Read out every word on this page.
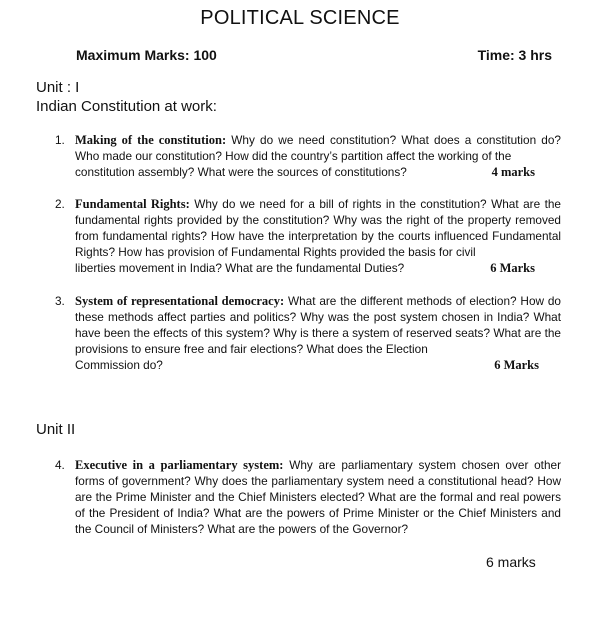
POLITICAL SCIENCE
Maximum Marks: 100	Time: 3 hrs
Unit : I
Indian Constitution at work:
1. Making of the constitution: Why do we need constitution? What does a constitution do? Who made our constitution? How did the country’s partition affect the working of the
constitution assembly? What were the sources of constitutions?	4 marks
2. Fundamental Rights: Why do we need for a bill of rights in the constitution? What are the fundamental rights provided by the constitution? Why was the right of the property removed from fundamental rights? How have the interpretation by the courts influenced Fundamental Rights? How has provision of Fundamental Rights provided the basis for civil
liberties movement in India? What are the fundamental Duties?	6 Marks
3. System of representational democracy: What are the different methods of election? How do these methods affect parties and politics? Why was the post system chosen in India? What have been the effects of this system? Why is there a system of reserved seats? What are the provisions to ensure free and fair elections? What does the Election
Commission do?	6 Marks
Unit II
4. Executive in a parliamentary system: Why are parliamentary system chosen over other forms of government? Why does the parliamentary system need a constitutional head? How are the Prime Minister and the Chief Ministers elected? What are the formal and real powers of the President of India? What are the powers of Prime Minister or the Chief Ministers and the Council of Ministers? What are the powers of the Governor?
6 marks
